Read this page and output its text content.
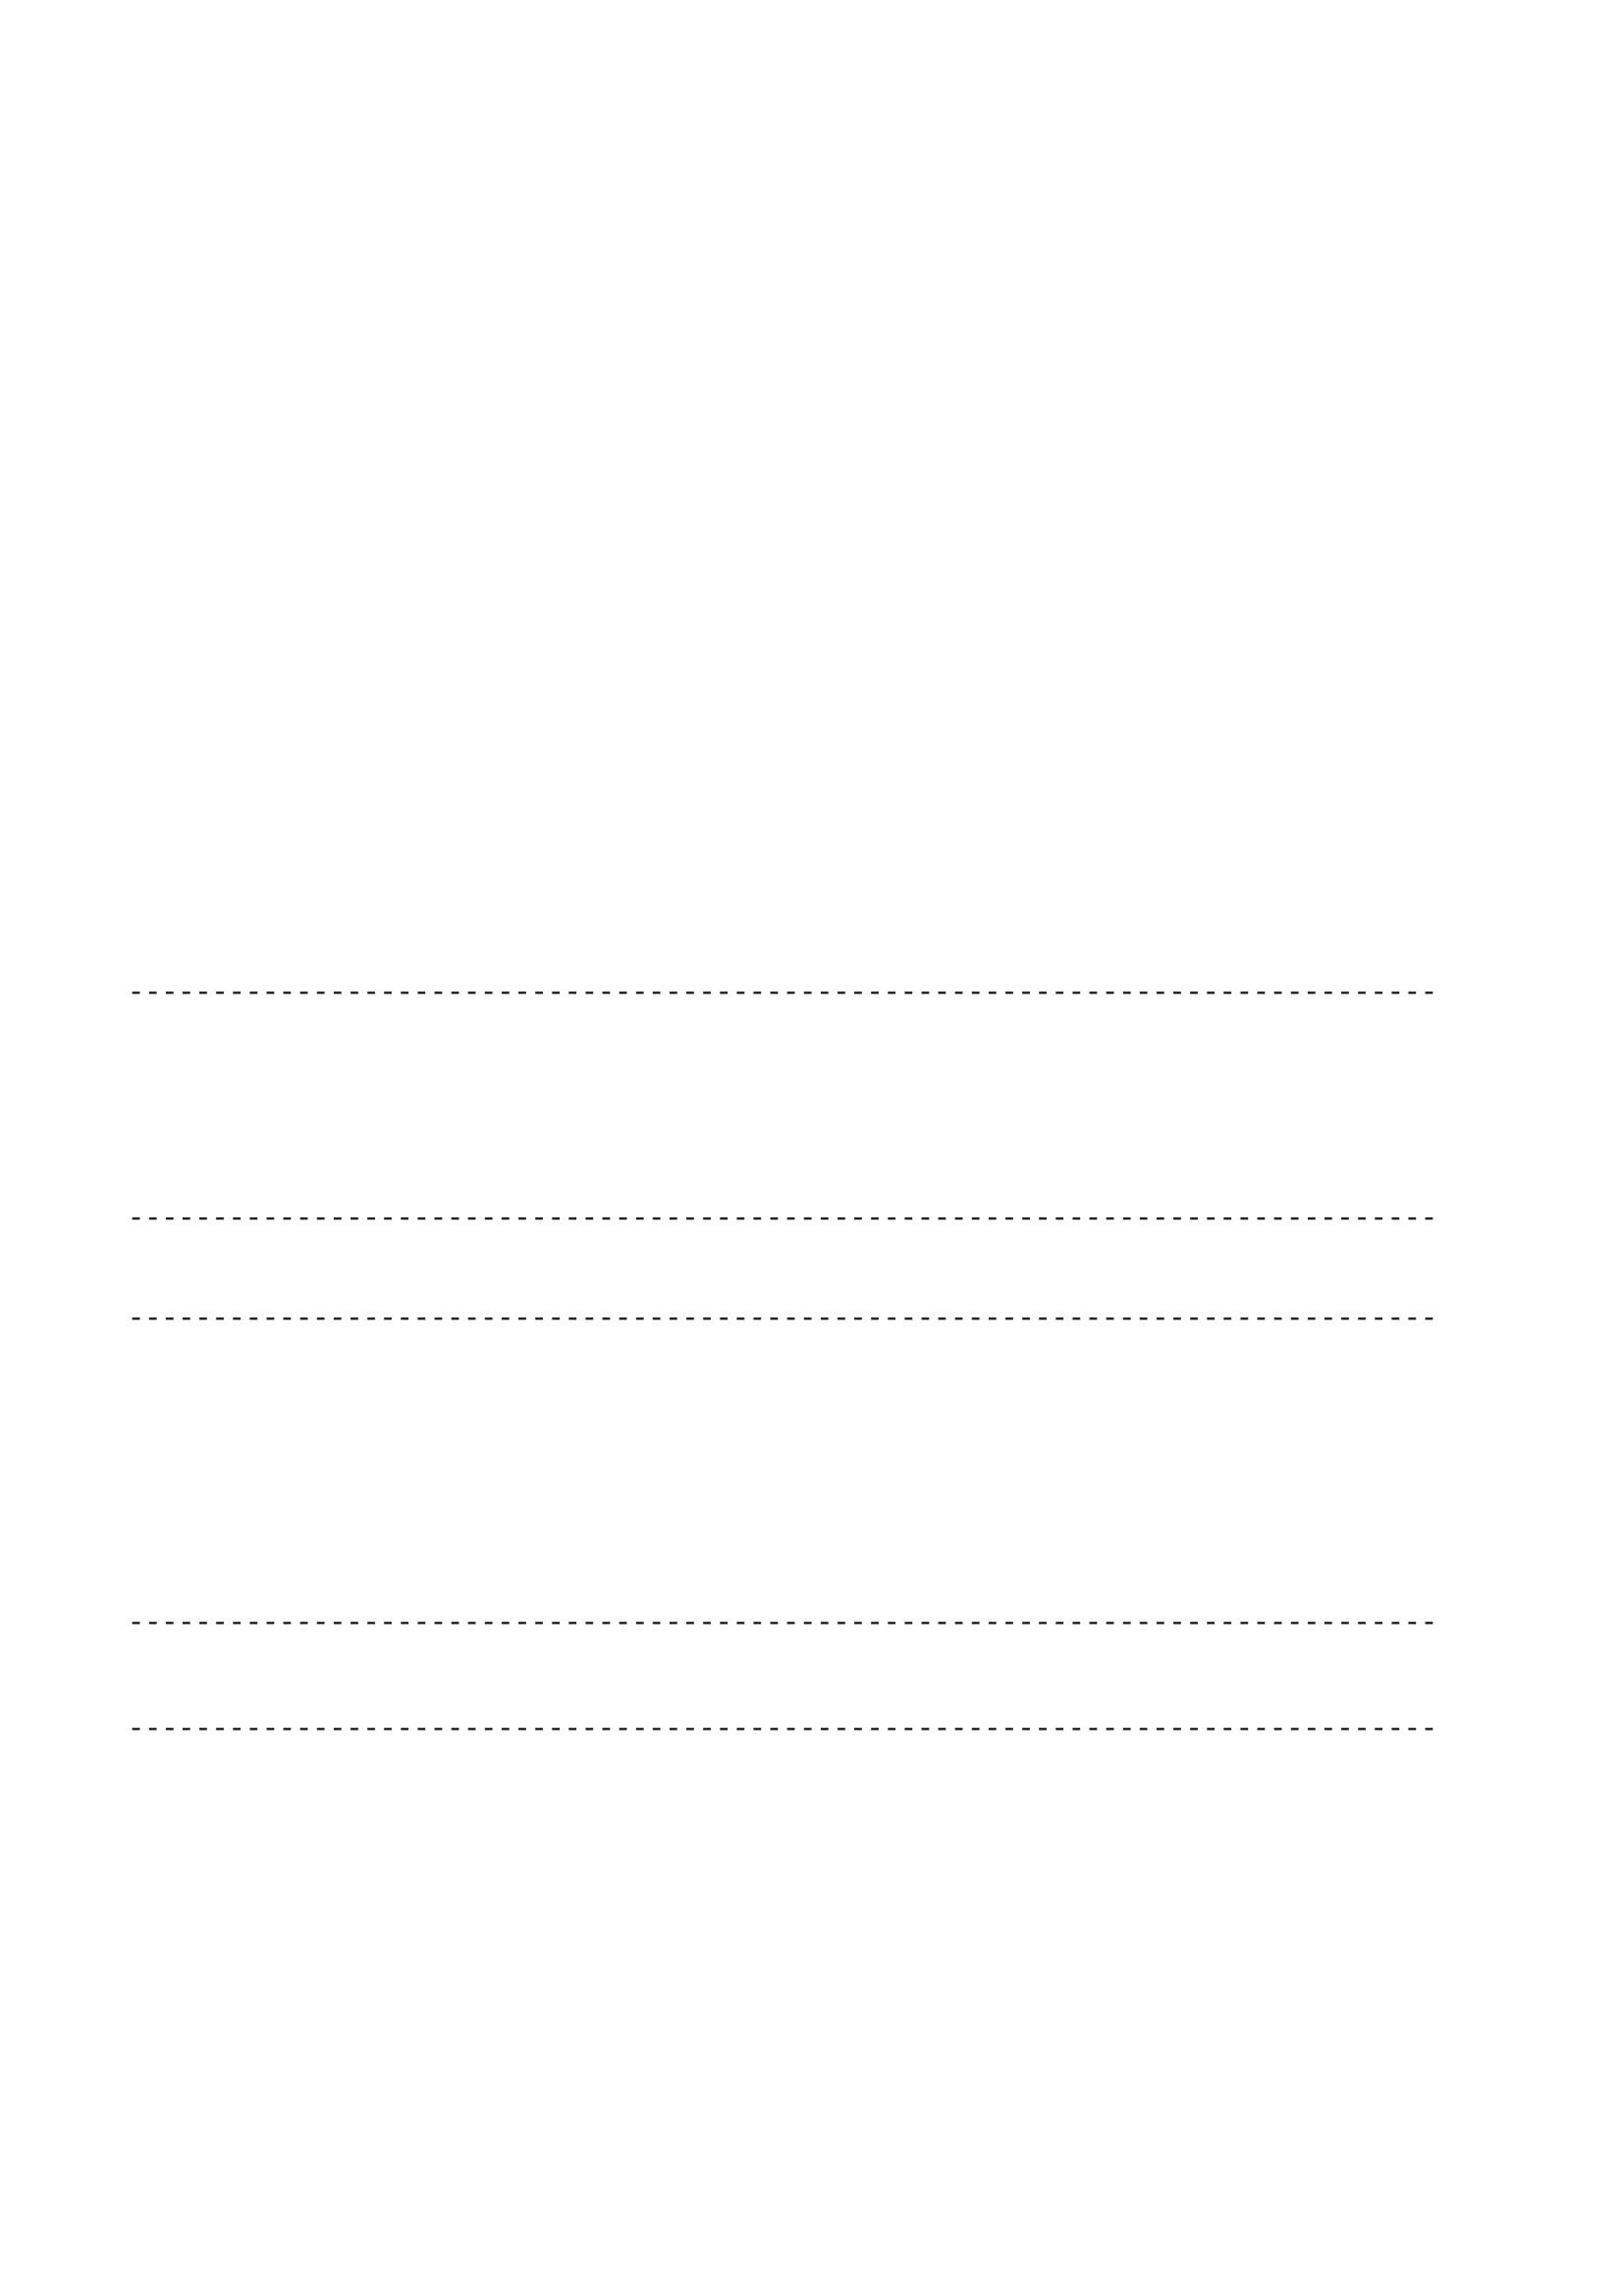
------------------------------------------------------------------------------
------------------------------------------------------------------------------
------------------------------------------------------------------------------
------------------------------------------------------------------------------
------------------------------------------------------------------------------
